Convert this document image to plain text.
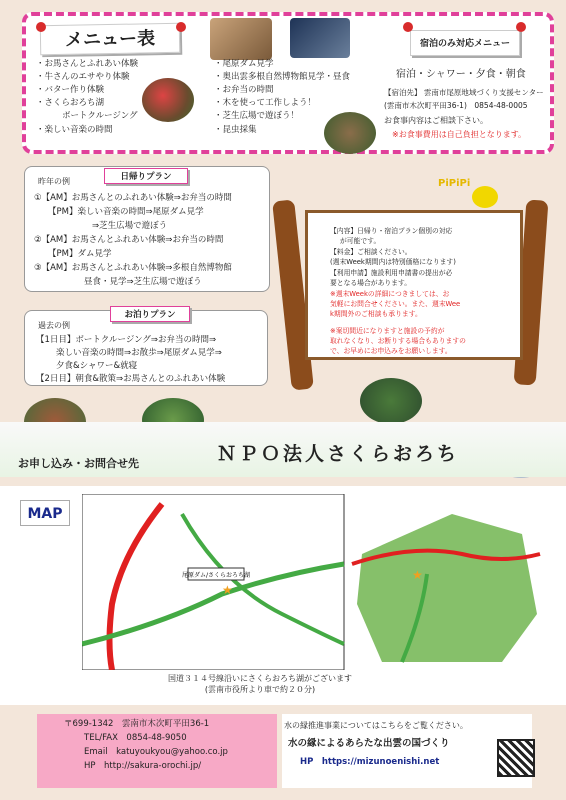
メニュー表
・お馬さんとふれあい体験
・牛さんのエサやり体験
・バター作り体験
・さくらおろち湖
ボートクルージング
・楽しい音楽の時間
・尾原ダム見学
・奥出雲多根自然博物館見学・昼食
・お弁当の時間
・木を使って工作しよう！
・芝生広場で遊ぼう！
・昆虫採集
宿泊のみ対応メニュー
宿泊・シャワー・夕食・朝食
【宿泊先】 雲南市尾原地域づくり支援センター
(雲南市木次町平田36-1)　0854-48-0005
お食事内容はご相談下さい。
※お食事費用は自己負担となります。
昨年の例	日帰りプラン
①【AM】お馬さんとのふれあい体験⇒お弁当の時間
【PM】楽しい音楽の時間⇒尾原ダム見学
⇒芝生広場で遊ぼう
②【AM】お馬さんとふれあい体験⇒お弁当の時間
【PM】ダム見学
③【AM】お馬さんとふれあい体験⇒多根自然博物館
昼食・見学⇒芝生広場で遊ぼう
過去の例
お泊りプラン
【1日目】ボートクルージング⇒お弁当の時間⇒
楽しい音楽の時間⇒お散歩⇒尾原ダム見学⇒
夕食&シャワー&就寝
【2日目】朝食&散策⇒お馬さんとのふれあい体験
PiPiPi
【内容】日帰り・宿泊プラン個別の対応
が可能です。
【料金】ご相談ください。
(週末Week期間内は特別価格になります)
【利用申請】施設利用申請書の提出が必
要となる場合があります。
※週末Weekの詳細につきましては、お
気軽にお問合せください。また、週末Wee
k期間外のご相談も承ります。
※案切間近になりますと施設の予約が
取れなくなり、お断りする場合もありますの
で、お早めにお申込みをお願いします。
お申し込み・お問合せ先	ＮＰＯ法人さくらおろち
MAP
尾原ダム/さくらおろち湖
★
★
国道３１４号線沿いにさくらおろち湖がございます
(雲南市役所より車で約２０分)
〒699-1342　雲南市木次町平田36-1
TEL/FAX　0854-48-9050
Email　katuyoukyou@yahoo.co.jp
HP　http://sakura-orochi.jp/
水の縁推進事業についてはこちらをご覧ください。
水の縁によるあらたな出雲の国づくり
HP　https://mizunoenishi.net
